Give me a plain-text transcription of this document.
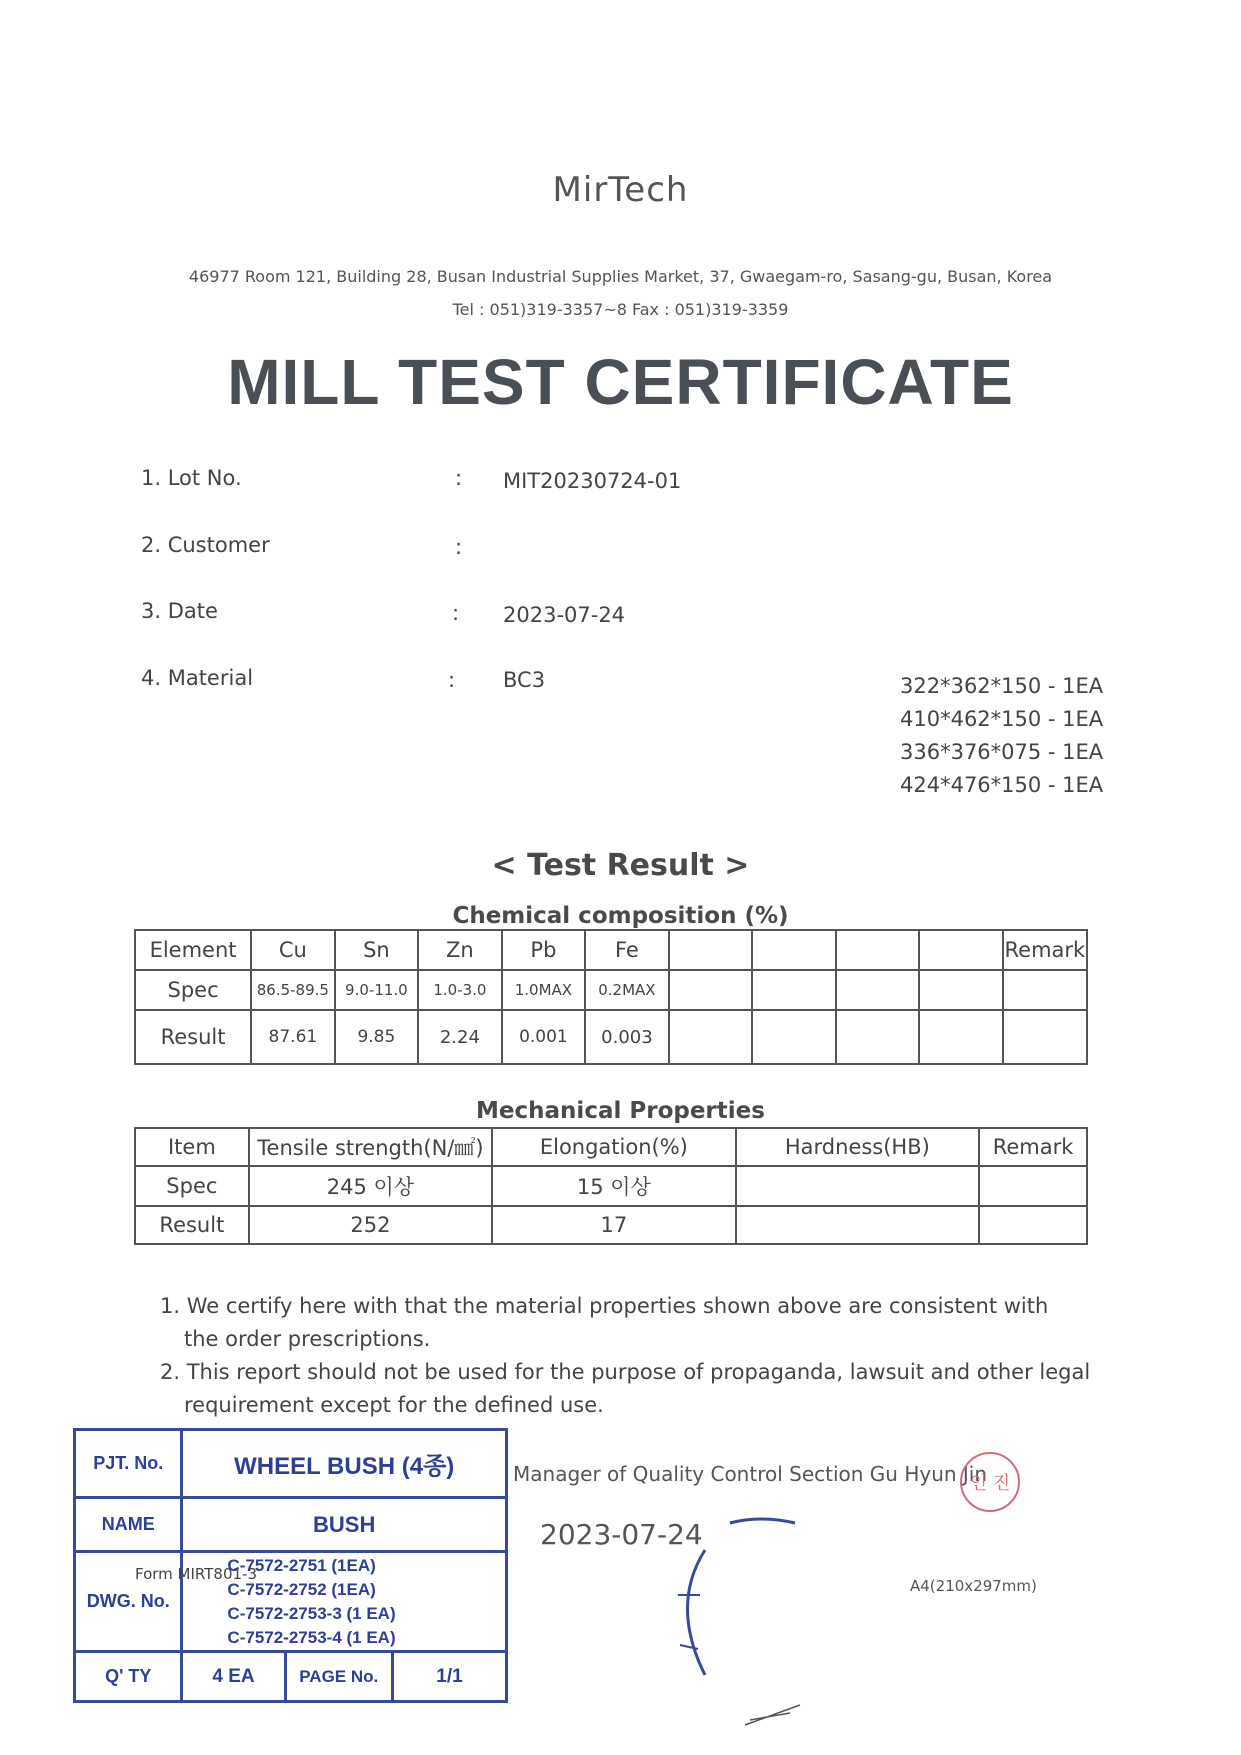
MirTech
46977 Room 121, Building 28, Busan Industrial Supplies Market, 37, Gwaegam-ro, Sasang-gu, Busan, Korea
Tel : 051)319-3357~8 Fax : 051)319-3359
MILL TEST CERTIFICATE
1. Lot No.	: MIT20230724-01
2. Customer	:
3. Date	: 2023-07-24
4. Material	: BC3	322*362*150 - 1EA
410*462*150 - 1EA
336*376*075 - 1EA
424*476*150 - 1EA
< Test Result >
Chemical composition (%)
Element	Cu	Sn	Zn	Pb	Fe					Remark
Spec	86.5-89.5	9.0-11.0	1.0-3.0	1.0MAX	0.2MAX					
Result	87.61	9.85	2.24	0.001	0.003					
Mechanical Properties
Item	Tensile strength(N/㎟)	Elongation(%)	Hardness(HB)	Remark
Spec	245 이상	15 이상		
Result	252	17		

1. We certify here with that the material properties shown above are consistent with

the order prescriptions.

2. This report should not be used for the purpose of propaganda, lawsuit and other legal

requirement except for the defined use.

PJT. No.	WHEEL BUSH (4종)		
NAME	BUSH		
DWG. No.	C-7572-2751 (1EA)
C-7572-2752 (1EA)
C-7572-2753-3 (1 EA)
C-7572-2753-4 (1 EA)		

Q' TY	4 EA	PAGE No.	1/1
Form MIRT801-3
Manager of Quality Control Section Gu Hyun Jin
인 진
2023-07-24
A4(210x297mm)
